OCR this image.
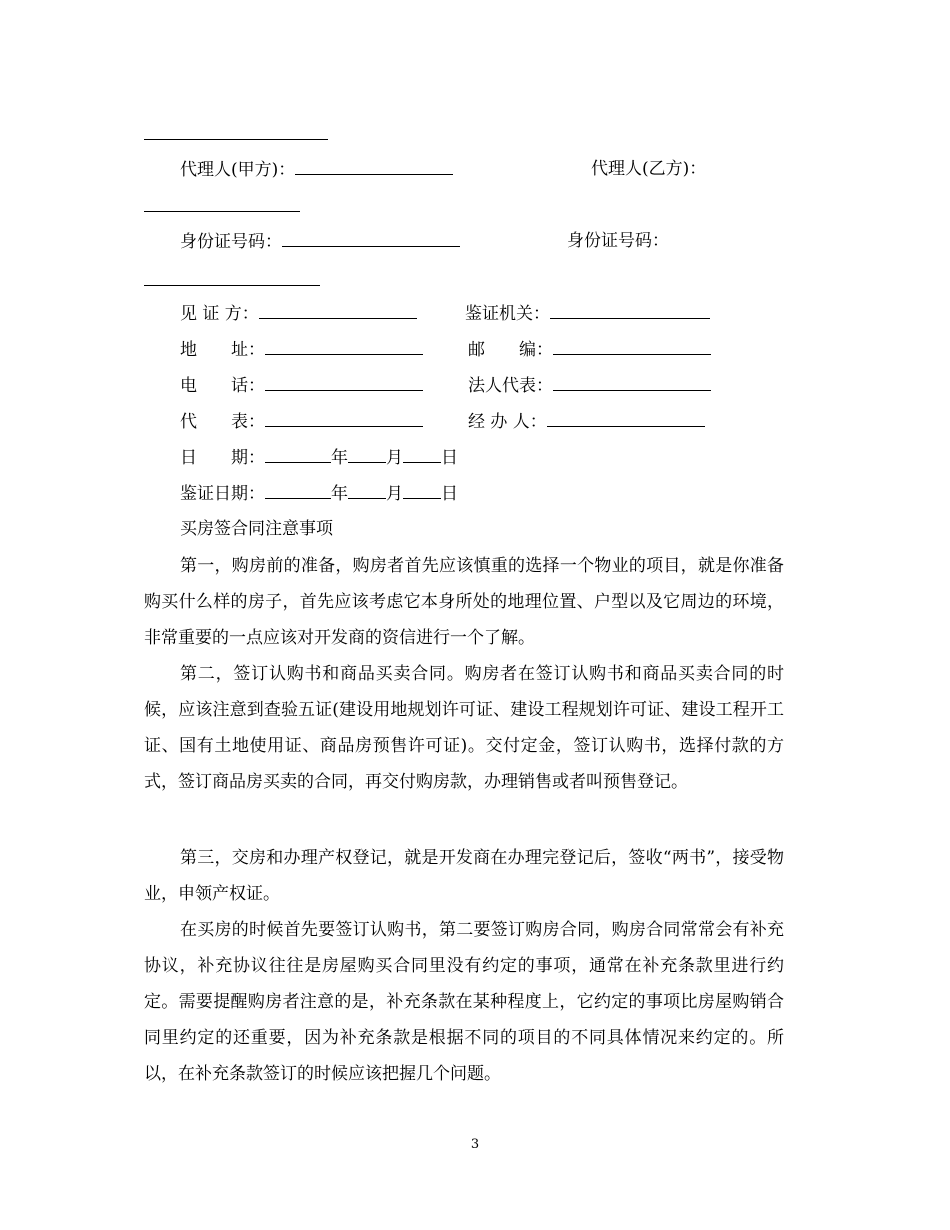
代理人(甲方)：	代理人(乙方)：
身份证号码：	身份证号码：
见 证 方：	鉴证机关：
地　　址：	邮　　编：
电　　话：	法人代表：
代　　表：	经 办 人：
日　　期：	年 月 日
鉴证日期：	年 月 日
买房签合同注意事项
第一，购房前的准备，购房者首先应该慎重的选择一个物业的项目，就是你准备购买什么样的房子，首先应该考虑它本身所处的地理位置、户型以及它周边的环境，非常重要的一点应该对开发商的资信进行一个了解。
第二，签订认购书和商品买卖合同。购房者在签订认购书和商品买卖合同的时候，应该注意到查验五证(建设用地规划许可证、建设工程规划许可证、建设工程开工证、国有土地使用证、商品房预售许可证)。交付定金，签订认购书，选择付款的方式，签订商品房买卖的合同，再交付购房款，办理销售或者叫预售登记。
第三，交房和办理产权登记，就是开发商在办理完登记后，签收“两书”，接受物业，申领产权证。
在买房的时候首先要签订认购书，第二要签订购房合同，购房合同常常会有补充协议，补充协议往往是房屋购买合同里没有约定的事项，通常在补充条款里进行约定。需要提醒购房者注意的是，补充条款在某种程度上，它约定的事项比房屋购销合同里约定的还重要，因为补充条款是根据不同的项目的不同具体情况来约定的。所以，在补充条款签订的时候应该把握几个问题。
3
